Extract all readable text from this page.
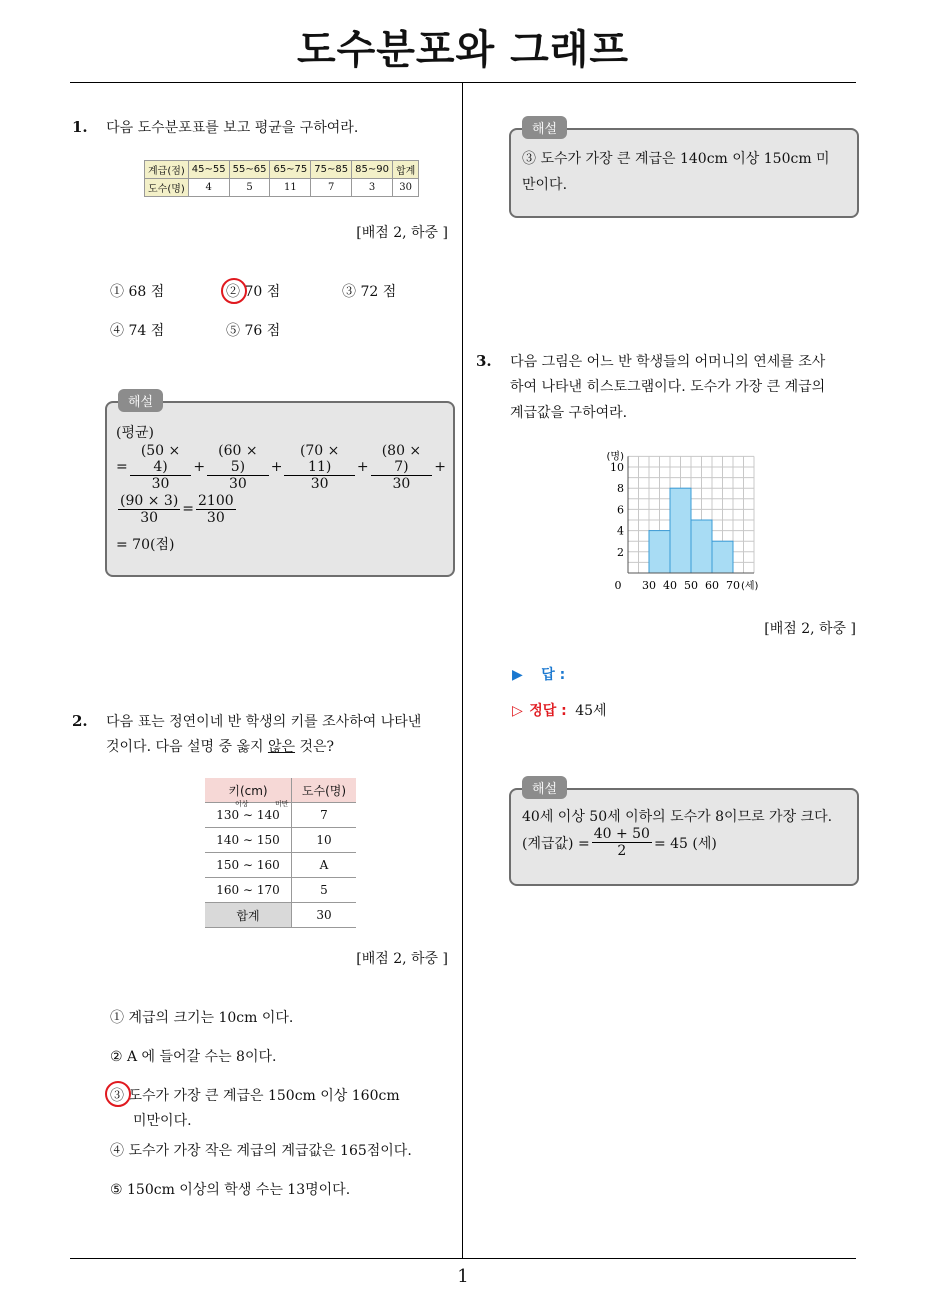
도수분포와 그래프
1
1. 다음 도수분포표를 보고 평균을 구하여라.
계급(점)	45∼55	55∼65	65∼75	75∼85	85∼90	합계
도수(명)	4	5	11	7	3	30
[배점 2, 하중 ]
① 68 점	② 70 점	③ 72 점
④ 74 점	⑤ 76 점
해설
(평균)
= $\frac{(50 \times 4)}{30} + \frac{(60 \times 5)}{30} + \frac{(70 \times 11)}{30} + \frac{(80 \times 7)}{30}$ +
$\frac{(90 \times 3)}{30} = \frac{2100}{30}$
= 70(점)
2. 다음 표는 정연이네 반 학생의 키를 조사하여 나타낸
것이다. 다음 설명 중 옳지 않은 것은?
키(cm)	도수(명)

이상 미만
130 ∼ 140	7
140 ∼ 150	10
150 ∼ 160	A
160 ∼ 170	5
합계	30
[배점 2, 하중 ]
① 계급의 크기는 10cm 이다.
② A 에 들어갈 수는 8이다.
③ 도수가 가장 큰 계급은 150cm 이상 160cm
미만이다.
④ 도수가 가장 작은 계급의 계급값은 165점이다.
⑤ 150cm 이상의 학생 수는 13명이다.
해설
③ 도수가 가장 큰 계급은 140cm 이상 150cm 미
만이다.
3. 다음 그림은 어느 반 학생들의 어머니의 연세를 조사
하여 나타낸 히스토그램이다. 도수가 가장 큰 계급의
계급값을 구하여라.
2
4
6
8
10
(명)
0 30 40 50 60 70 (세)
[배점 2, 하중 ]
▶ 답 :
▷ 정답 : 45세
해설
40세 이상 50세 이하의 도수가 8이므로 가장 크다.
(계급값) = $\frac{40 + 50}{2} = 45$ (세)
